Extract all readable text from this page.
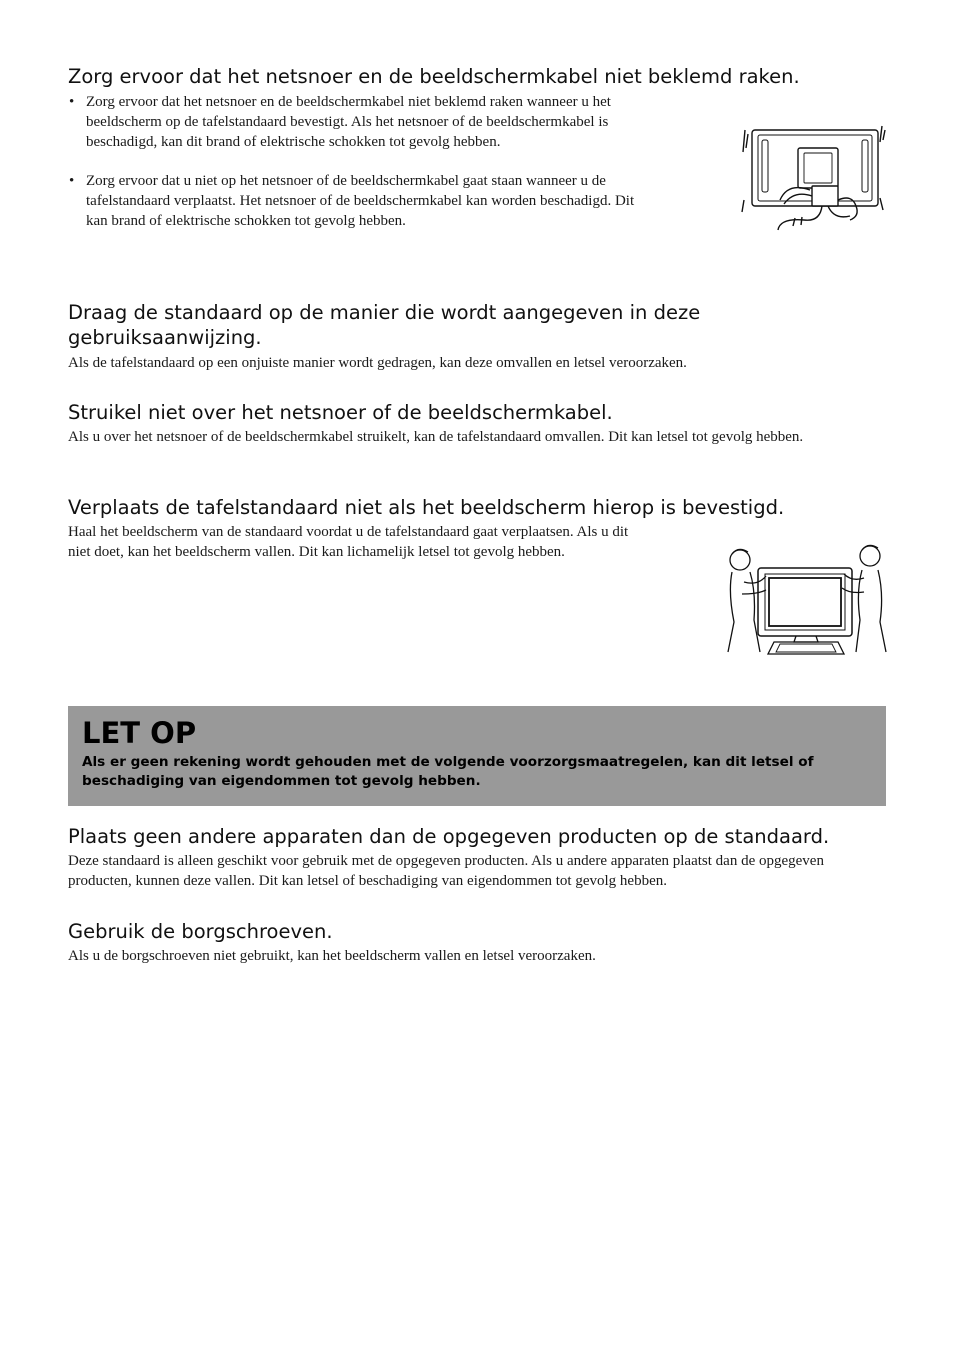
Zorg ervoor dat het netsnoer en de beeldschermkabel niet beklemd raken.
• Zorg ervoor dat het netsnoer en de beeldschermkabel niet beklemd raken wanneer u het beeldscherm op de tafelstandaard bevestigt. Als het netsnoer of de beeldschermkabel is beschadigd, kan dit brand of elektrische schokken tot gevolg hebben.
• Zorg ervoor dat u niet op het netsnoer of de beeldschermkabel gaat staan wanneer u de tafelstandaard verplaatst. Het netsnoer of de beeldschermkabel kan worden beschadigd. Dit kan brand of elektrische schokken tot gevolg hebben.
Draag de standaard op de manier die wordt aangegeven in deze gebruiksaanwijzing.

Als de tafelstandaard op een onjuiste manier wordt gedragen, kan deze omvallen en letsel veroorzaken.

Struikel niet over het netsnoer of de beeldschermkabel.

Als u over het netsnoer of de beeldschermkabel struikelt, kan de tafelstandaard omvallen. Dit kan letsel tot gevolg hebben.

Verplaats de tafelstandaard niet als het beeldscherm hierop is bevestigd.

Haal het beeldscherm van de standaard voordat u de tafelstandaard gaat verplaatsen. Als u dit niet doet, kan het beeldscherm vallen. Dit kan lichamelijk letsel tot gevolg hebben.

LET OP

Als er geen rekening wordt gehouden met de volgende voorzorgsmaatregelen, kan dit letsel of beschadiging van eigendommen tot gevolg hebben.

Plaats geen andere apparaten dan de opgegeven producten op de standaard.

Deze standaard is alleen geschikt voor gebruik met de opgegeven producten. Als u andere apparaten plaatst dan de opgegeven producten, kunnen deze vallen. Dit kan letsel of beschadiging van eigendommen tot gevolg hebben.

Gebruik de borgschroeven.

Als u de borgschroeven niet gebruikt, kan het beeldscherm vallen en letsel veroorzaken.
